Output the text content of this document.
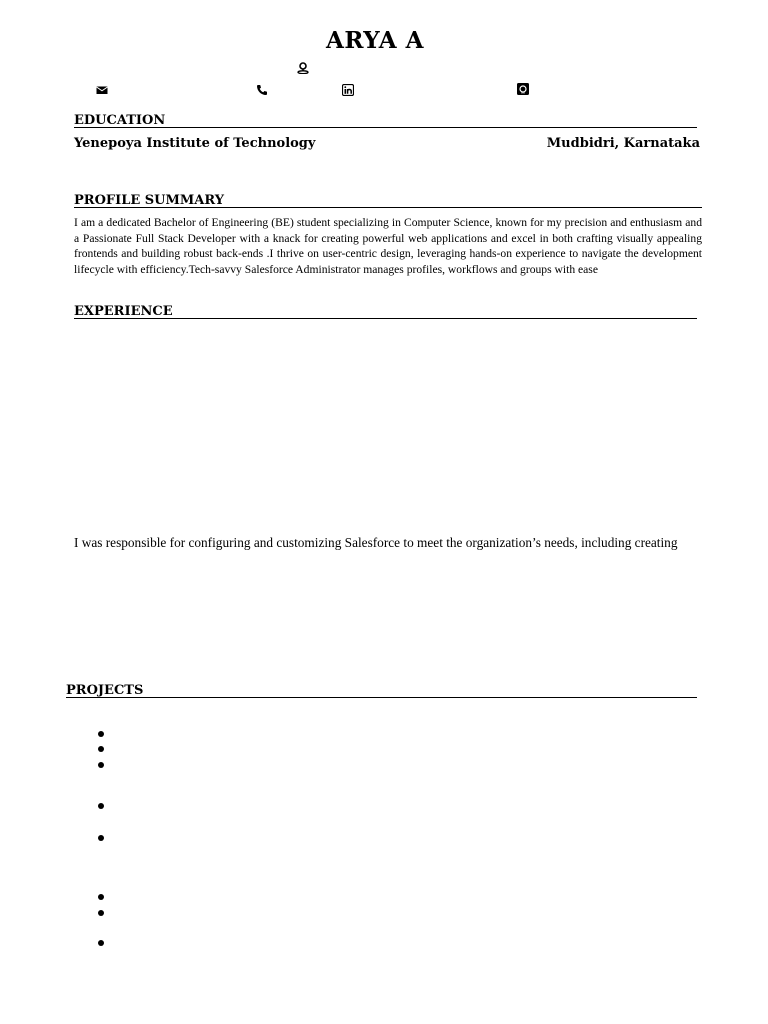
ARYA A
EDUCATION
Yenepoya Institute of Technology	Mudbidri, Karnataka
PROFILE SUMMARY
I am a dedicated Bachelor of Engineering (BE) student specializing in Computer Science, known for my precision and enthusiasm and a Passionate Full Stack Developer with a knack for creating powerful web applications and excel in both crafting visually appealing frontends and building robust back-ends .I thrive on user-centric design, leveraging hands-on experience to navigate the development lifecycle with efficiency.Tech-savvy Salesforce Administrator manages profiles, workflows and groups with ease
EXPERIENCE
I was responsible for configuring and customizing Salesforce to meet the organization’s needs, including creating
PROJECTS
